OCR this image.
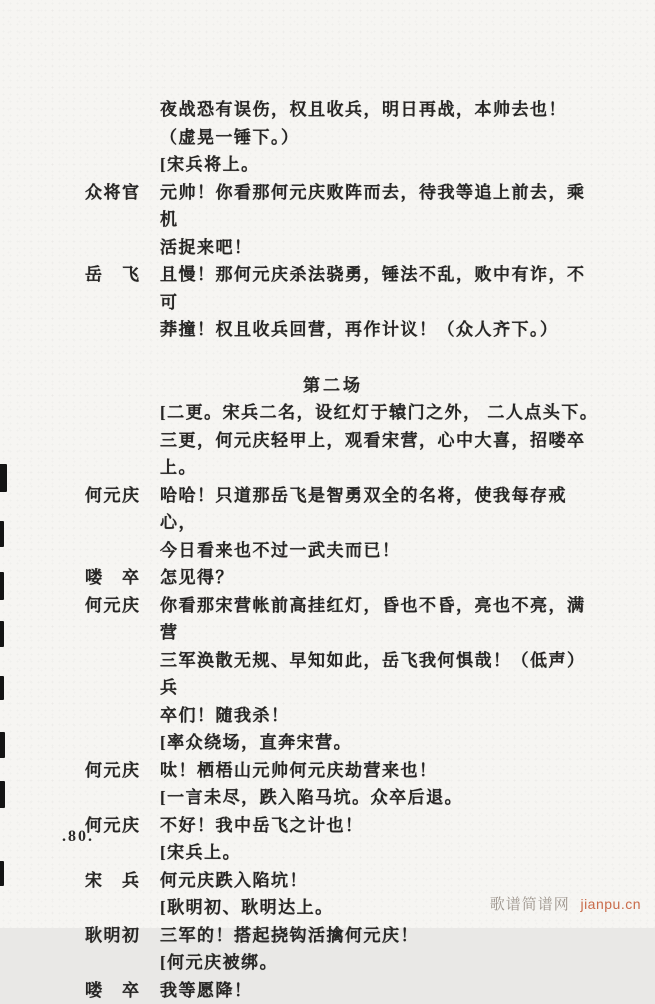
夜战恐有误伤，权且收兵，明日再战，本帅去也！
（虚晃一锤下。）
[宋兵将上。
众将官	元帅！你看那何元庆败阵而去，待我等追上前去，乘机
活捉来吧！
岳　飞	且慢！那何元庆杀法骁勇，锤法不乱，败中有诈，不可
莽撞！权且收兵回营，再作计议！（众人齐下。）
第二场
[二更。宋兵二名，设红灯于辕门之外， 二人点头下。
三更，何元庆轻甲上，观看宋营，心中大喜，招喽卒上。
何元庆	哈哈！只道那岳飞是智勇双全的名将，使我每存戒心，
今日看来也不过一武夫而已！
喽　卒	怎见得？
何元庆	你看那宋营帐前高挂红灯，昏也不昏，亮也不亮，满营
三军涣散无规、早知如此，岳飞我何惧哉！（低声）兵
卒们！随我杀！
[率众绕场，直奔宋营。
何元庆	呔！栖梧山元帅何元庆劫营来也！
[一言未尽，跌入陷马坑。众卒后退。
何元庆	不好！我中岳飞之计也！
[宋兵上。
宋　兵	何元庆跌入陷坑！
[耿明初、耿明达上。
耿明初	三军的！搭起挠钩活擒何元庆！
[何元庆被绑。
喽　卒	我等愿降！
.80.
歌谱简谱网 jianpu.cn
